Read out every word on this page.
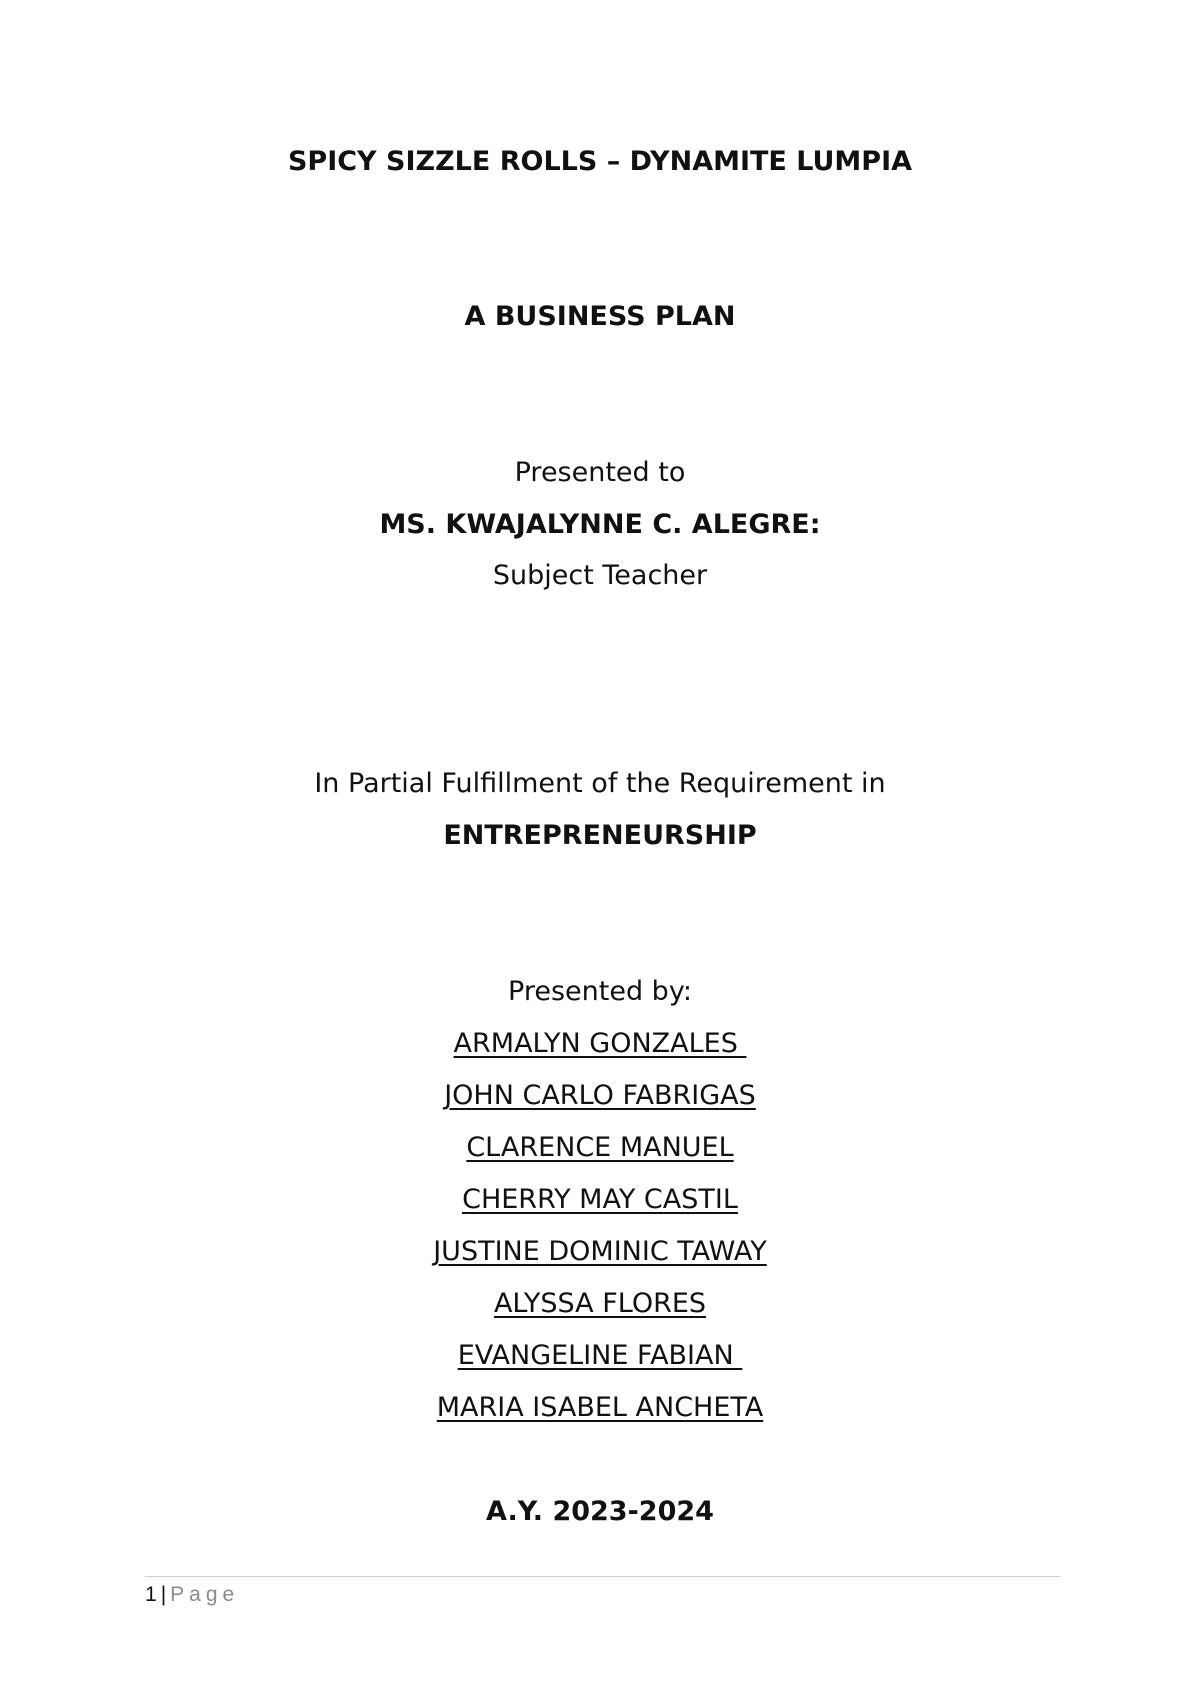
SPICY SIZZLE ROLLS – DYNAMITE LUMPIA
A BUSINESS PLAN
Presented to
MS. KWAJALYNNE C. ALEGRE:
Subject Teacher
In Partial Fulfillment of the Requirement in
ENTREPRENEURSHIP
Presented by:
ARMALYN GONZALES
JOHN CARLO FABRIGAS
CLARENCE MANUEL
CHERRY MAY CASTIL
JUSTINE DOMINIC TAWAY
ALYSSA FLORES
EVANGELINE FABIAN
MARIA ISABEL ANCHETA
A.Y. 2023-2024
1 | Page
